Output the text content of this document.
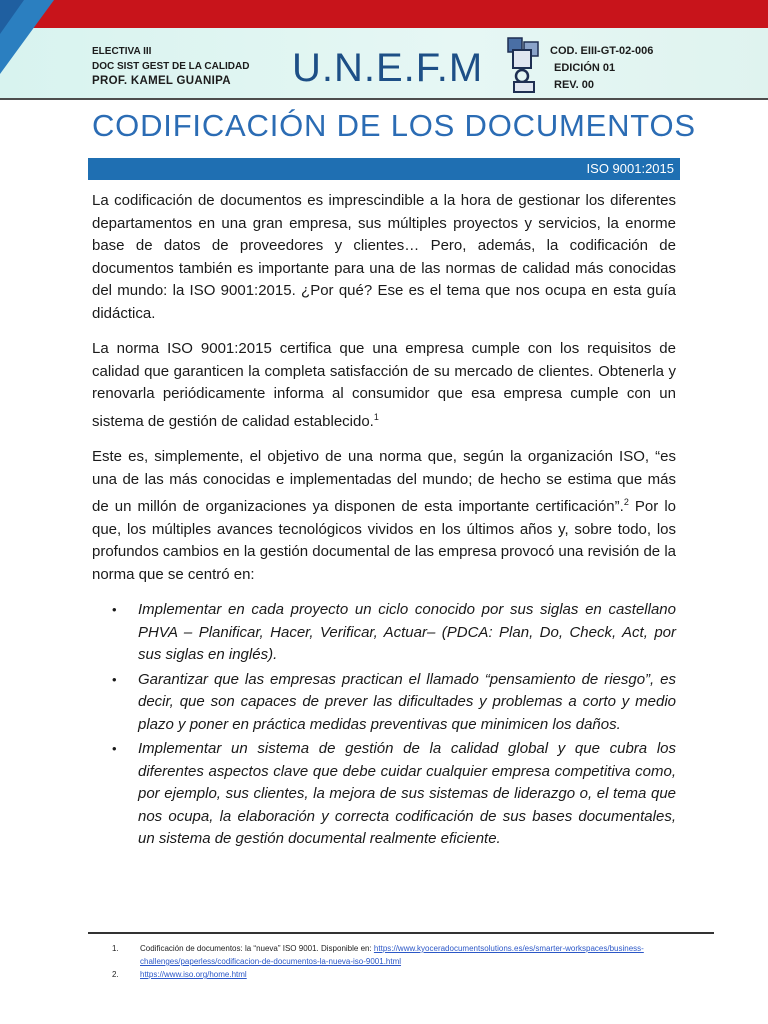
ELECTIVA III
DOC SIST GEST DE LA CALIDAD
PROF. KAMEL GUANIPA	U.N.E.F.M	COD. EIII-GT-02-006
EDICIÓN 01
REV. 00
CODIFICACIÓN DE LOS DOCUMENTOS
ISO 9001:2015

La codificación de documentos es imprescindible a la hora de gestionar los diferentes departamentos en una gran empresa, sus múltiples proyectos y servicios, la enorme base de datos de proveedores y clientes… Pero, además, la codificación de documentos también es importante para una de las normas de calidad más conocidas del mundo: la ISO 9001:2015. ¿Por qué? Ese es el tema que nos ocupa en esta guía didáctica.

La norma ISO 9001:2015 certifica que una empresa cumple con los requisitos de calidad que garanticen la completa satisfacción de su mercado de clientes. Obtenerla y renovarla periódicamente informa al consumidor que esa empresa cumple con un sistema de gestión de calidad establecido.$^1$

Este es, simplemente, el objetivo de una norma que, según la organización ISO, “es una de las más conocidas e implementadas del mundo; de hecho se estima que más de un millón de organizaciones ya disponen de esta importante certificación”.$^2$ Por lo que, los múltiples avances tecnológicos vividos en los últimos años y, sobre todo, los profundos cambios en la gestión documental de las empresa provocó una revisión de la norma que se centró en:

• Implementar en cada proyecto un ciclo conocido por sus siglas en castellano PHVA – Planificar, Hacer, Verificar, Actuar– (PDCA: Plan, Do, Check, Act, por sus siglas en inglés).
• Garantizar que las empresas practican el llamado “pensamiento de riesgo”, es decir, que son capaces de prever las dificultades y problemas a corto y medio plazo y poner en práctica medidas preventivas que minimicen los daños.
• Implementar un sistema de gestión de la calidad global y que cubra los diferentes aspectos clave que debe cuidar cualquier empresa competitiva como, por ejemplo, sus clientes, la mejora de sus sistemas de liderazgo o, el tema que nos ocupa, la elaboración y correcta codificación de sus bases documentales, un sistema de gestión documental realmente eficiente.
1.	Codificación de documentos: la “nueva” ISO 9001. Disponible en: https://www.kyoceradocumentsolutions.es/es/smarter-workspaces/business-challenges/paperless/codificacion-de-documentos-la-nueva-iso-9001.html
2.	https://www.iso.org/home.html
